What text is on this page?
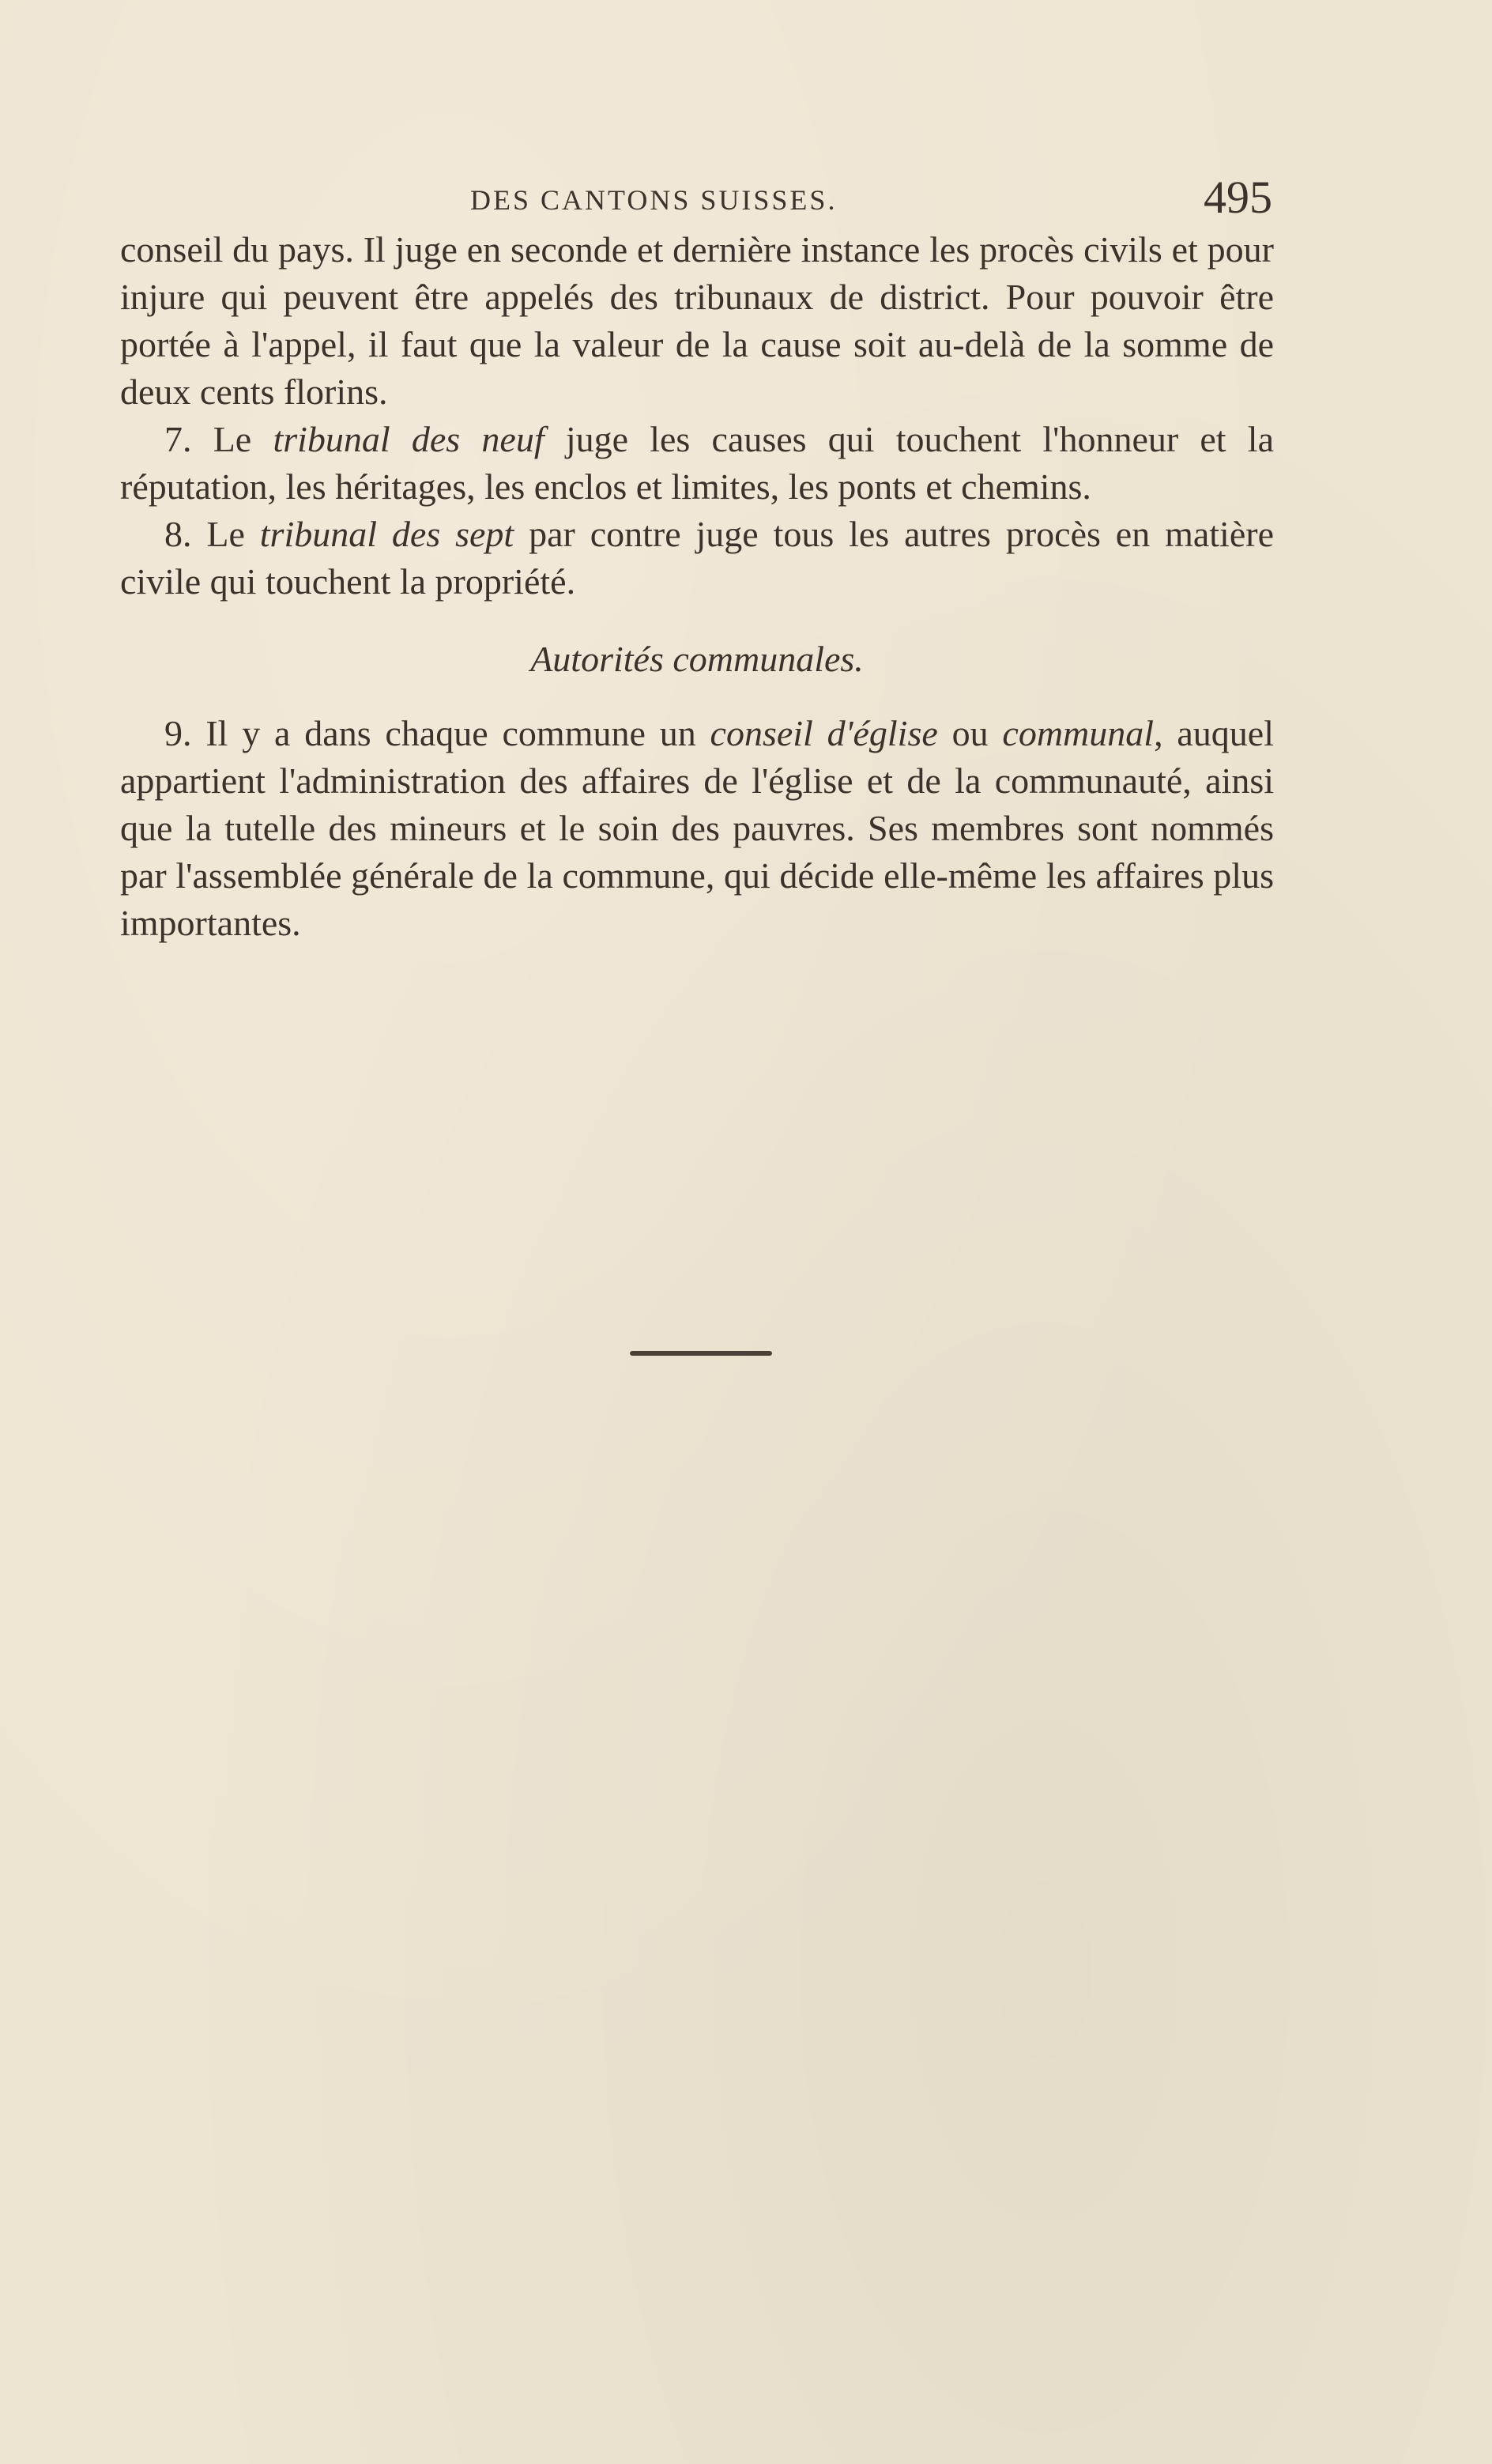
DES CANTONS SUISSES.	495

conseil du pays. Il juge en seconde et dernière instance les procès civils et pour injure qui peuvent être appelés des tribunaux de district. Pour pouvoir être portée à l'appel, il faut que la valeur de la cause soit au-delà de la somme de deux cents florins.

7. Le tribunal des neuf juge les causes qui touchent l'honneur et la réputation, les héritages, les enclos et limites, les ponts et chemins.

8. Le tribunal des sept par contre juge tous les autres procès en matière civile qui touchent la propriété.

Autorités communales.

9. Il y a dans chaque commune un conseil d'église ou communal, auquel appartient l'administration des affaires de l'église et de la communauté, ainsi que la tutelle des mineurs et le soin des pauvres. Ses membres sont nommés par l'assemblée générale de la commune, qui décide elle-même les affaires plus importantes.
